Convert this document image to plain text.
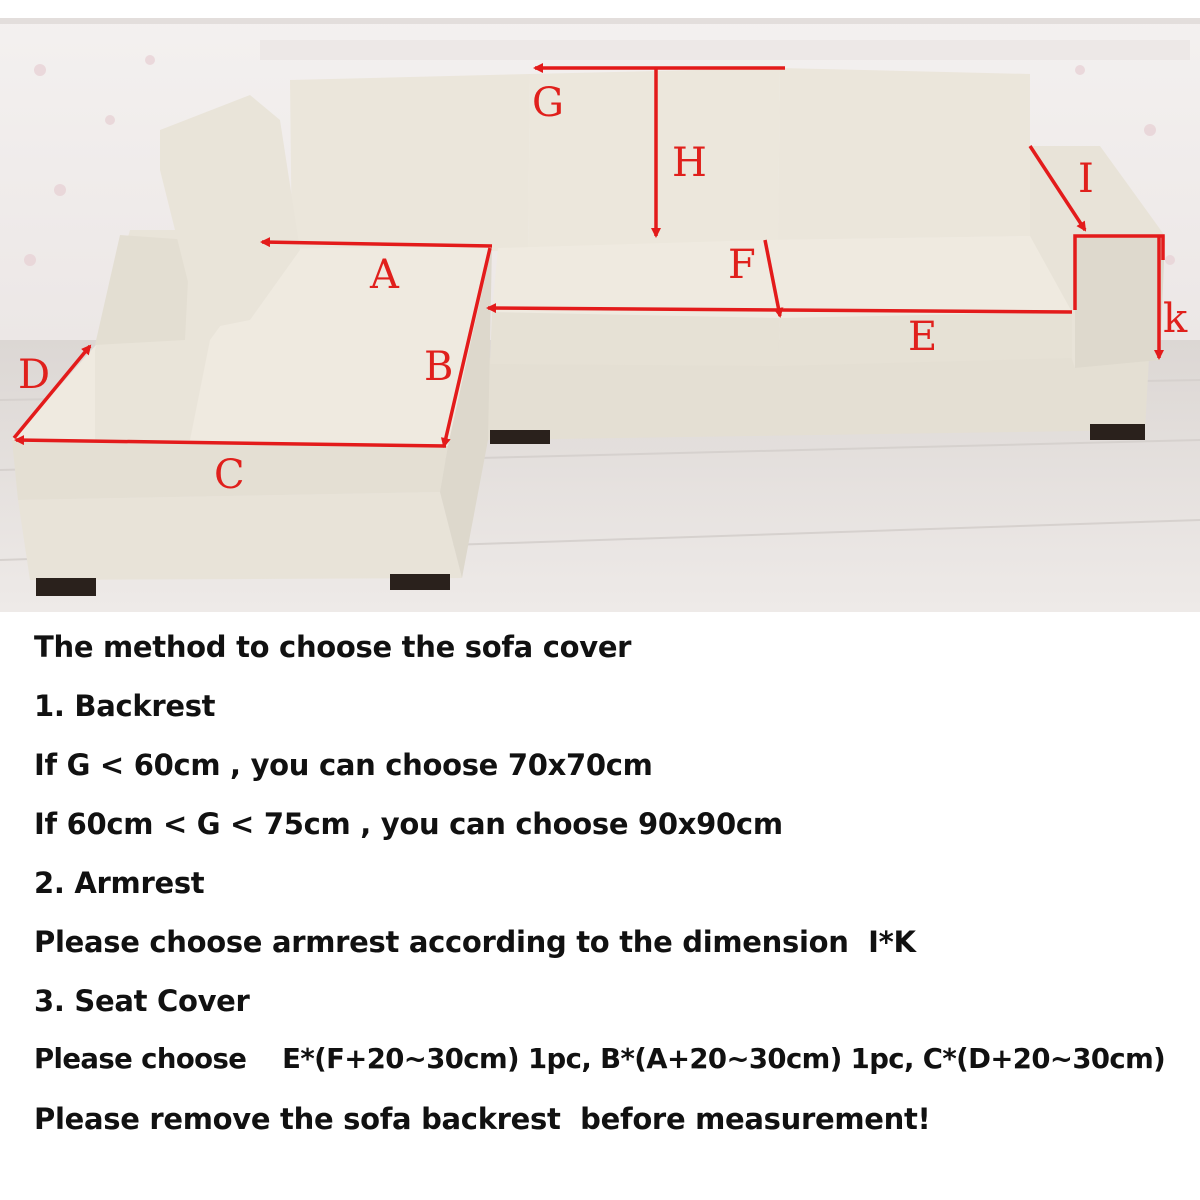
G
H	I
A	F
k
E
B
D
C
The method to choose the sofa cover
1. Backrest
If G < 60cm , you can choose 70x70cm
If 60cm < G < 75cm , you can choose 90x90cm
2. Armrest
Please choose armrest according to the dimension  I*K
3. Seat Cover
Please choose    E*(F+20~30cm) 1pc, B*(A+20~30cm) 1pc, C*(D+20~30cm)
Please remove the sofa backrest  before measurement!
